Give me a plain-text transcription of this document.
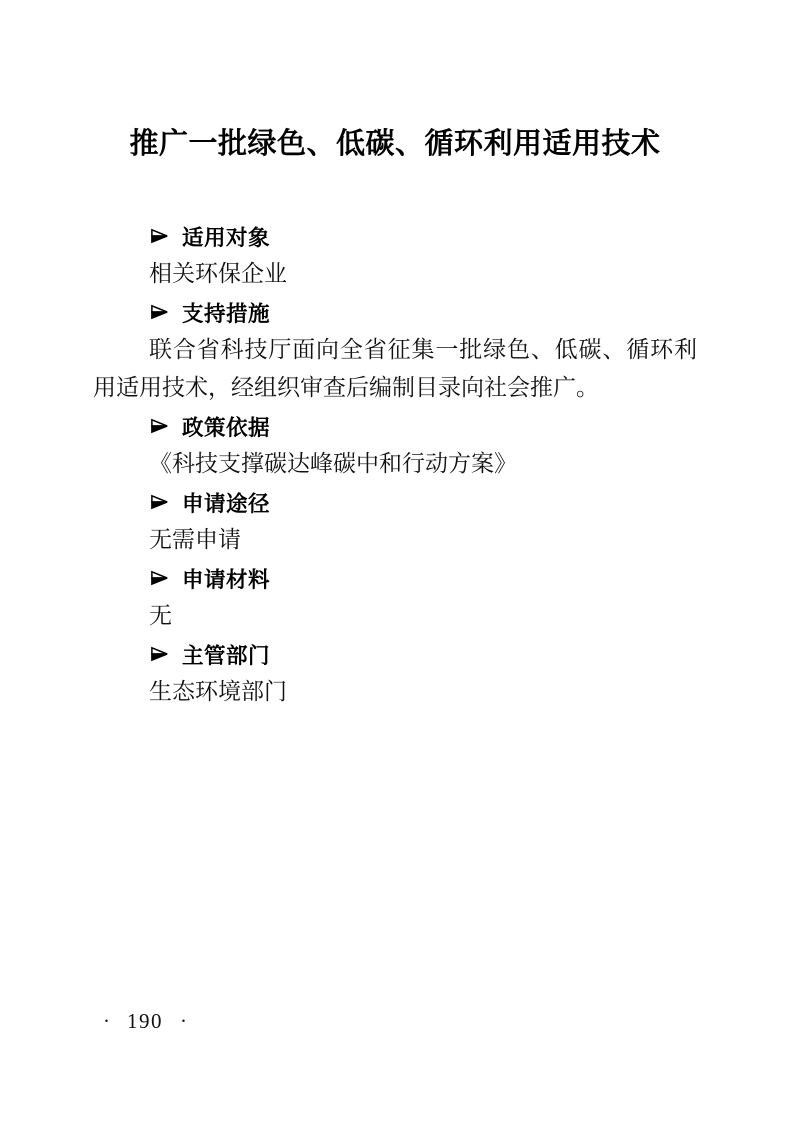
推广一批绿色、低碳、循环利用适用技术
适用对象
相关环保企业
支持措施
联合省科技厅面向全省征集一批绿色、低碳、循环利用适用技术，经组织审查后编制目录向社会推广。
政策依据
《科技支撑碳达峰碳中和行动方案》
申请途径
无需申请
申请材料
无
主管部门
生态环境部门
· 190 ·
